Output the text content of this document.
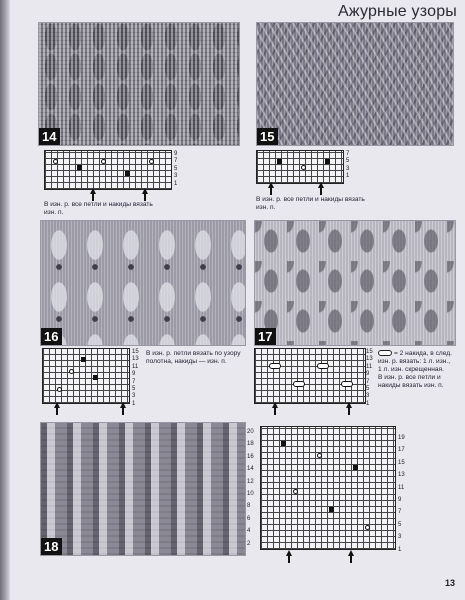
Ажурные узоры
14
9
7
5
3
1
В изн. р. все петли и накиды вязать изн. п.
15
7
5
3
1
В изн. р. все петли и накиды вязать изн. п.
16
15
13
11
9
7
5
3
1
В изн. р. петли вязать по узору полотна, накиды — изн. п.
17
15
13
11
9
7
5
3
1
= 2 накида, в след.
изн. р. вязать: 1 л. изн.,
1 л. изн. скрещенная.
В изн. р. все петли и
накиды вязать изн. п.
18
20
18
16
14
12
10
8
6
4
2
19
17
15
13
11
9
7
5
3
1
13
